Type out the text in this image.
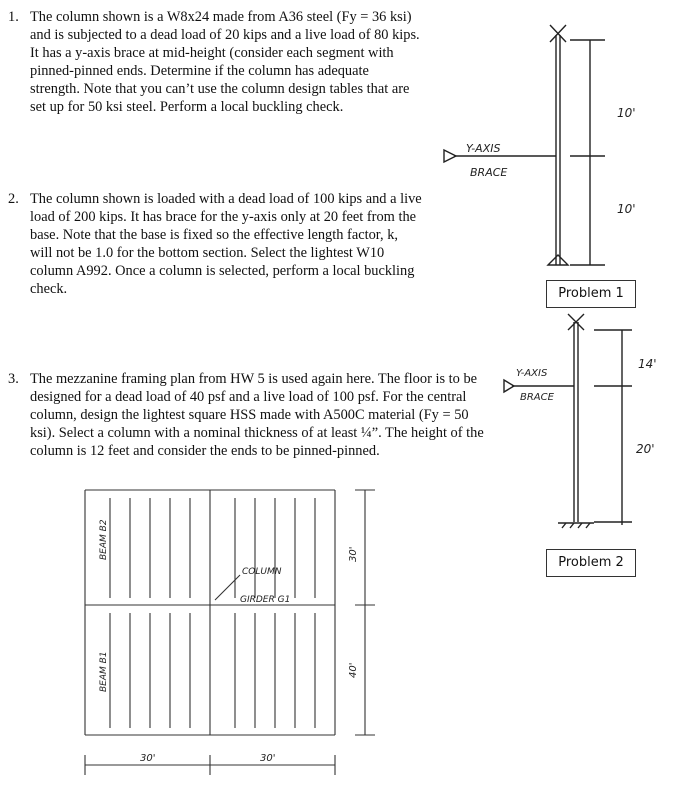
1. The column shown is a W8x24 made from A36 steel (Fy = 36 ksi) and is subjected to a dead load of 20 kips and a live load of 80 kips. It has a y-axis brace at mid-height (consider each segment with pinned-pinned ends. Determine if the column has adequate strength. Note that you can’t use the column design tables that are set up for 50 ksi steel. Perform a local buckling check.
2. The column shown is loaded with a dead load of 100 kips and a live load of 200 kips. It has brace for the y-axis only at 20 feet from the base. Note that the base is fixed so the effective length factor, k, will not be 1.0 for the bottom section. Select the lightest W10 column A992. Once a column is selected, perform a local buckling check.
3. The mezzanine framing plan from HW 5 is used again here. The floor is to be designed for a dead load of 40 psf and a live load of 100 psf. For the central column, design the lightest square HSS made with A500C material (Fy = 50 ksi). Select a column with a nominal thickness of at least ¼”. The height of the column is 12 feet and consider the ends to be pinned-pinned.
Y-AXIS
BRACE
10'
10'
Problem 1
Y-AXIS
BRACE
14'
20'
Problem 2
BEAM B2
BEAM B1
COLUMN
GIRDER G1
30'
40'
30'	30'
